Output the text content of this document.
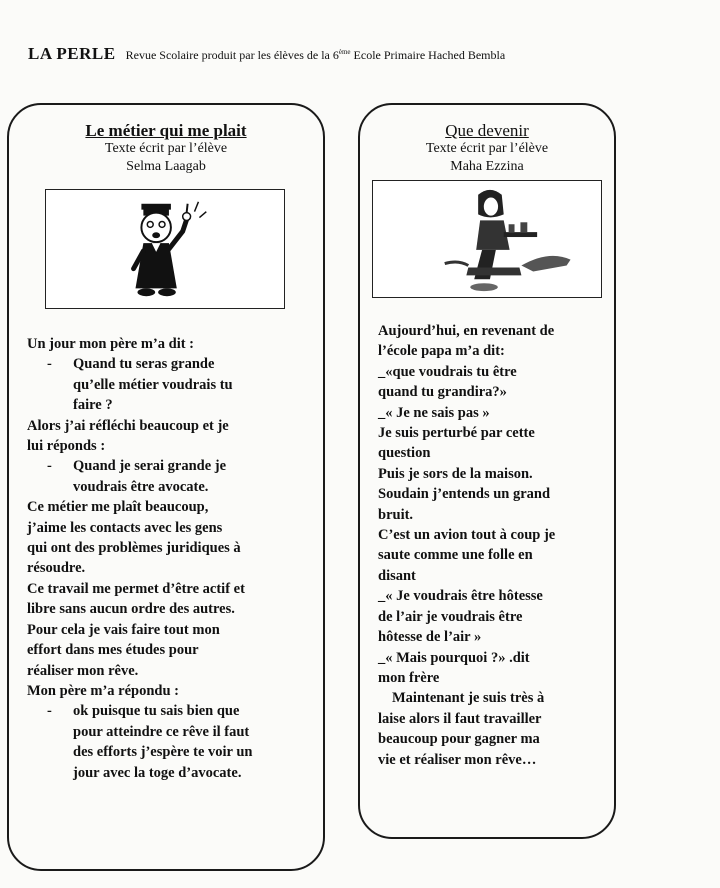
LA PERLE Revue Scolaire produit par les élèves de la 6ème Ecole Primaire Hached Bembla
Le métier qui me plait
Texte écrit par l’élève
Selma Laagab

Un jour mon père m’a dit :

- Quand tu seras grande

qu’elle métier voudrais tu

faire ?

Alors j’ai réfléchi beaucoup et je

lui réponds :

- Quand je serai grande je

voudrais être avocate.

Ce métier me plaît beaucoup,

j’aime les contacts avec les gens

qui ont des problèmes juridiques à

résoudre.

Ce travail me permet d’être actif et

libre sans aucun ordre des autres.

Pour cela je vais faire tout mon

effort dans mes études pour

réaliser mon rêve.

Mon père m’a répondu :

- ok puisque tu sais bien que

pour atteindre ce rêve il faut

des efforts j’espère te voir un

jour avec la toge d’avocate.

Que devenir
Texte écrit par l’élève
Maha Ezzina

Aujourd’hui, en revenant de

l’école papa m’a dit:

_«que voudrais tu être

quand tu grandira?»

_« Je ne sais pas »

Je suis perturbé par cette

question

Puis je sors de la maison.

Soudain j’entends un grand

bruit.

C’est un avion tout à coup je

saute comme une folle en

disant

_« Je voudrais être hôtesse

de l’air je voudrais être

hôtesse de l’air »

_« Mais pourquoi ?» .dit

mon frère

Maintenant je suis très à

laise alors il faut travailler

beaucoup pour gagner ma

vie et réaliser mon rêve…
